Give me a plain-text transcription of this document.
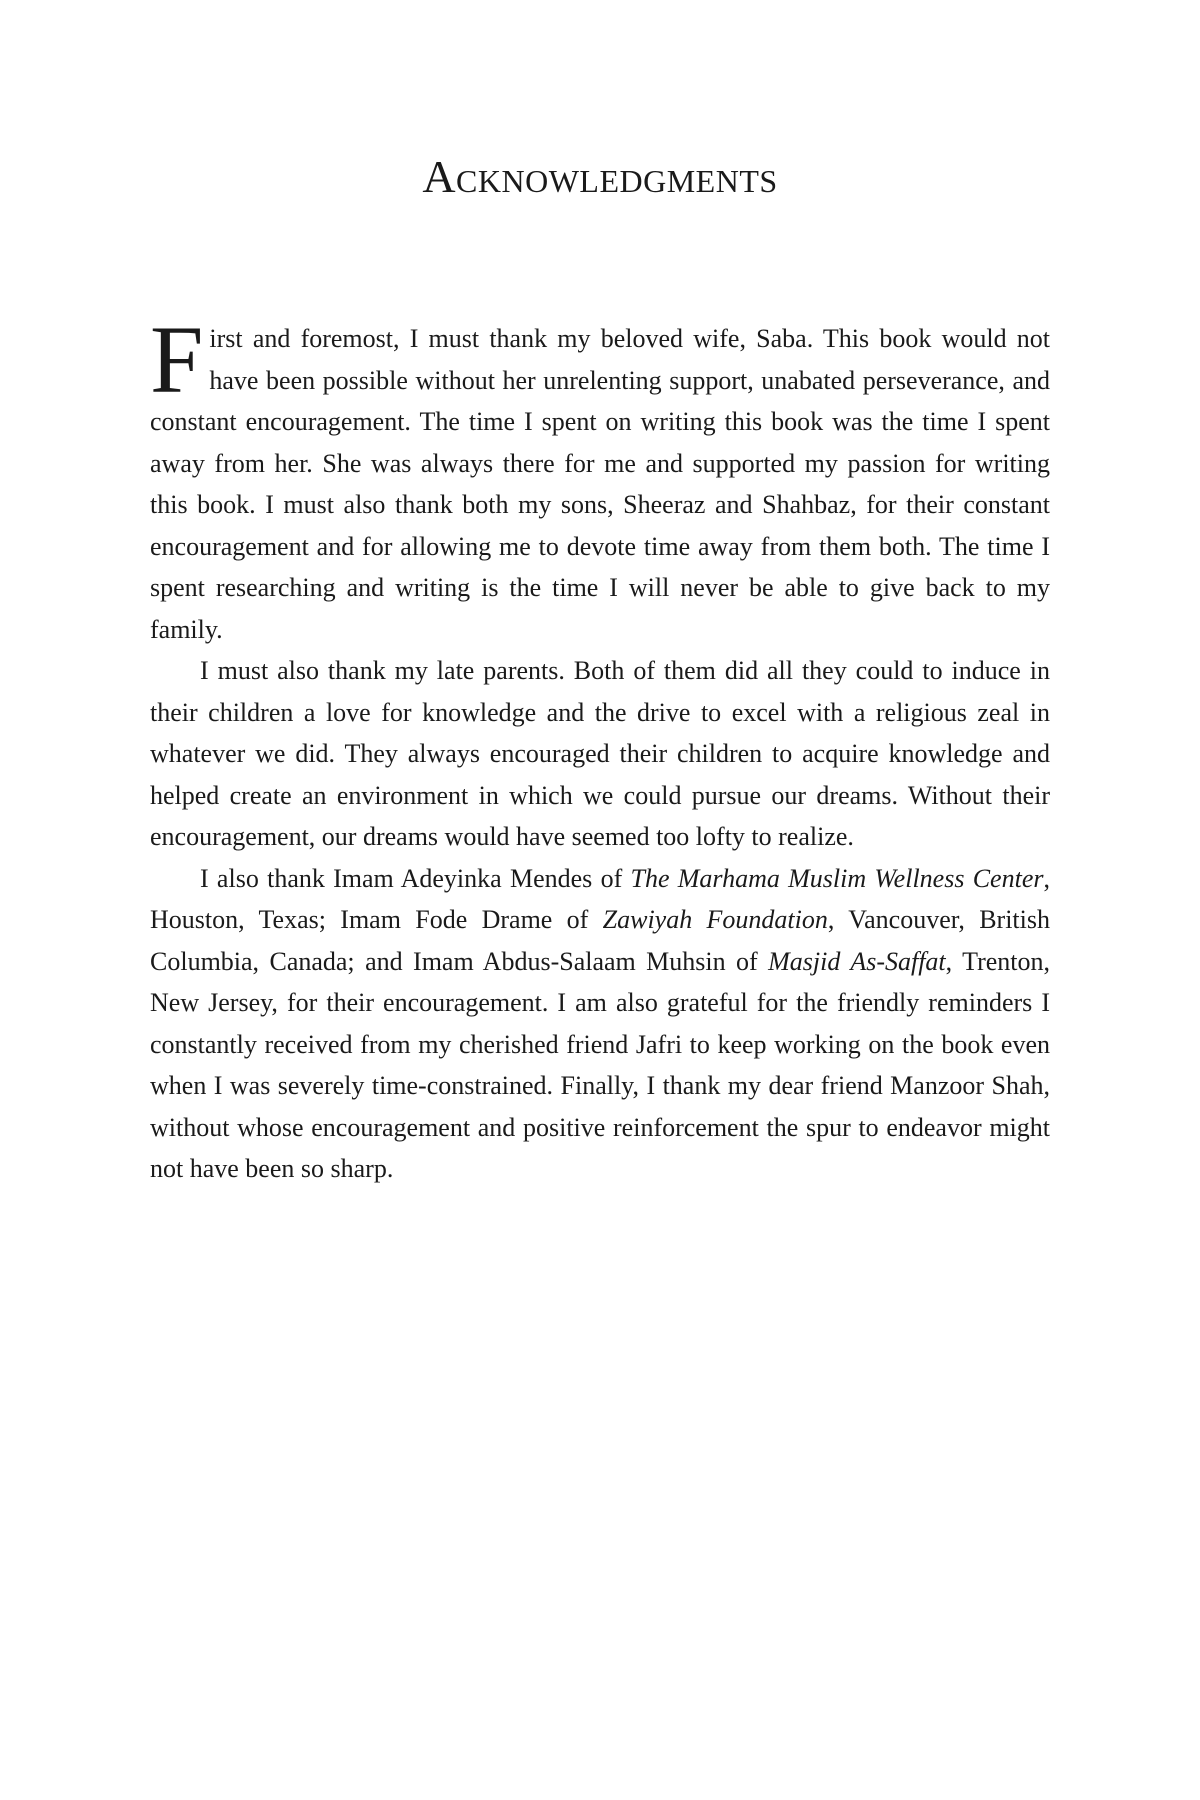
Acknowledgments

First and foremost, I must thank my beloved wife, Saba. This book would not have been possible without her unrelenting support, unabated perseverance, and constant encouragement. The time I spent on writing this book was the time I spent away from her. She was always there for me and supported my passion for writing this book. I must also thank both my sons, Sheeraz and Shahbaz, for their constant encouragement and for allowing me to devote time away from them both. The time I spent researching and writing is the time I will never be able to give back to my family.

I must also thank my late parents. Both of them did all they could to induce in their children a love for knowledge and the drive to excel with a religious zeal in whatever we did. They always encouraged their children to acquire knowledge and helped create an environment in which we could pursue our dreams. Without their encouragement, our dreams would have seemed too lofty to realize.

I also thank Imam Adeyinka Mendes of The Marhama Muslim Wellness Center, Houston, Texas; Imam Fode Drame of Zawiyah Foundation, Vancouver, British Columbia, Canada; and Imam Abdus-Salaam Muhsin of Masjid As-Saffat, Trenton, New Jersey, for their encouragement. I am also grateful for the friendly reminders I constantly received from my cherished friend Jafri to keep working on the book even when I was severely time-constrained. Finally, I thank my dear friend Manzoor Shah, without whose encouragement and positive reinforcement the spur to endeavor might not have been so sharp.
